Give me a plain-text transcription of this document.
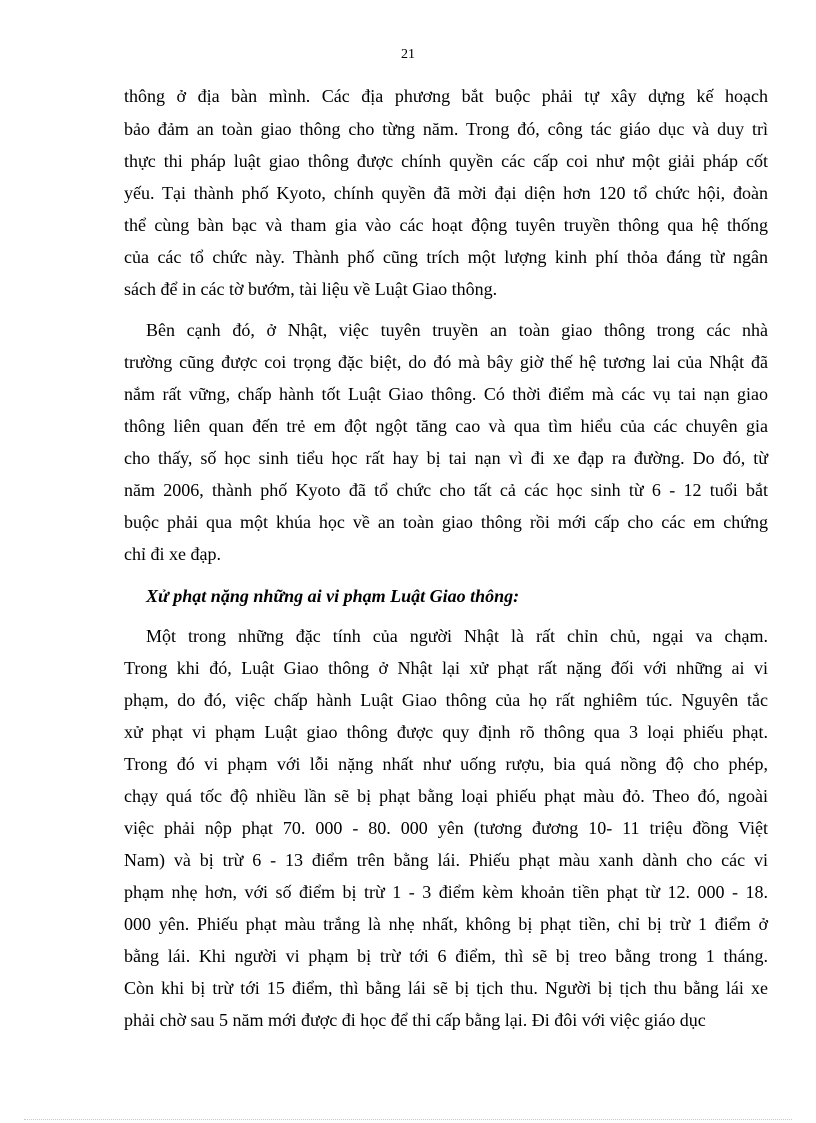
21
thông ở địa bàn mình. Các địa phương bắt buộc phải tự xây dựng kế hoạch
bảo đảm an toàn giao thông cho từng năm. Trong đó, công tác giáo dục và duy trì
thực thi pháp luật giao thông được chính quyền các cấp coi như một giải pháp cốt
yếu. Tại thành phố Kyoto, chính quyền đã mời đại diện hơn 120 tổ chức hội, đoàn
thể cùng bàn bạc và tham gia vào các hoạt động tuyên truyền thông qua hệ thống
của các tổ chức này. Thành phố cũng trích một lượng kinh phí thỏa đáng từ ngân
sách để in các tờ bướm, tài liệu về Luật Giao thông.
Bên cạnh đó, ở Nhật, việc tuyên truyền an toàn giao thông trong các nhà
trường cũng được coi trọng đặc biệt, do đó mà bây giờ thế hệ tương lai của Nhật đã
nắm rất vững, chấp hành tốt Luật Giao thông. Có thời điểm mà các vụ tai nạn giao
thông liên quan đến trẻ em đột ngột tăng cao và qua tìm hiểu của các chuyên gia
cho thấy, số học sinh tiểu học rất hay bị tai nạn vì đi xe đạp ra đường. Do đó, từ
năm 2006, thành phố Kyoto đã tổ chức cho tất cả các học sinh từ 6 - 12 tuổi bắt
buộc phải qua một khúa học về an toàn giao thông rồi mới cấp cho các em chứng
chỉ đi xe đạp.
Xử phạt nặng những ai vi phạm Luật Giao thông:
Một trong những đặc tính của người Nhật là rất chỉn chủ, ngại va chạm.
Trong khi đó, Luật Giao thông ở Nhật lại xử phạt rất nặng đối với những ai vi
phạm, do đó, việc chấp hành Luật Giao thông của họ rất nghiêm túc. Nguyên tắc
xử phạt vi phạm Luật giao thông được quy định rõ thông qua 3 loại phiếu phạt.
Trong đó vi phạm với lỗi nặng nhất như uống rượu, bia quá nồng độ cho phép,
chạy quá tốc độ nhiều lần sẽ bị phạt bằng loại phiếu phạt màu đỏ. Theo đó, ngoài
việc phải nộp phạt 70. 000 - 80. 000 yên (tương đương 10- 11 triệu đồng Việt
Nam) và bị trừ 6 - 13 điểm trên bằng lái. Phiếu phạt màu xanh dành cho các vi
phạm nhẹ hơn, với số điểm bị trừ 1 - 3 điểm kèm khoản tiền phạt từ 12. 000 - 18.
000 yên. Phiếu phạt màu trắng là nhẹ nhất, không bị phạt tiền, chỉ bị trừ 1 điểm ở
bằng lái. Khi người vi phạm bị trừ tới 6 điểm, thì sẽ bị treo bằng trong 1 tháng.
Còn khi bị trừ tới 15 điểm, thì bằng lái sẽ bị tịch thu. Người bị tịch thu bằng lái xe
phải chờ sau 5 năm mới được đi học để thi cấp bằng lại. Đi đôi với việc giáo dục
